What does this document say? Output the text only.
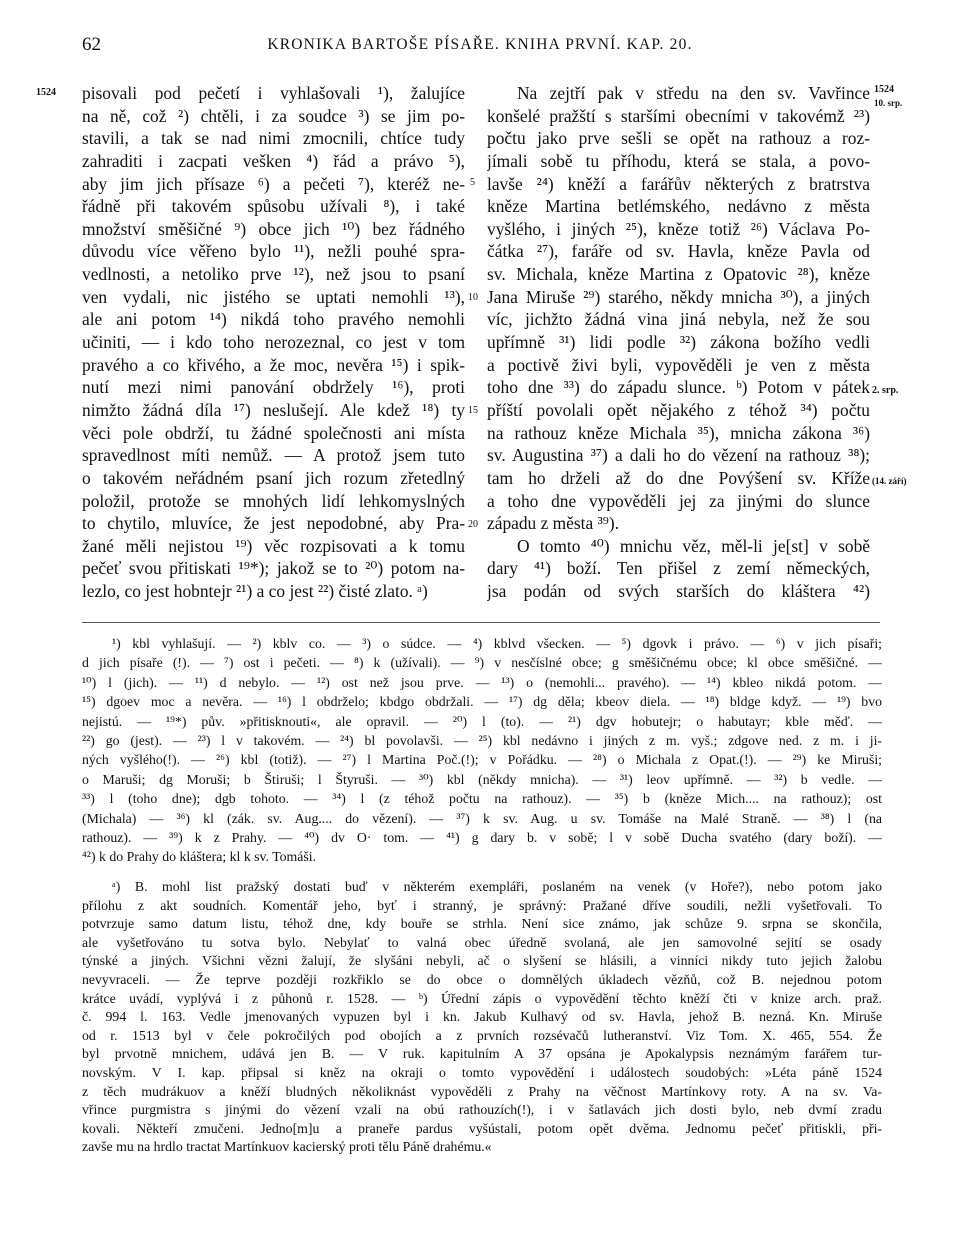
62	KRONIKA BARTOŠE PÍSAŘE. KNIHA PRVNÍ. KAP. 20.
1524	1524
10. srp.
2. srp.
(14. září)
5
10
15
20
pisovali pod pečetí i vyhlašovali ¹), žalujíce
na ně, což ²) chtěli, i za soudce ³) se jim po-
stavili, a tak se nad nimi zmocnili, chtíce tudy
zahraditi i zacpati vešken ⁴) řád a právo ⁵),
aby jim jich přísaze ⁶) a pečeti ⁷), kteréž ne-
řádně při takovém spůsobu užívali ⁸), i také
množství směšičné ⁹) obce jich ¹⁰) bez řádného
důvodu více věřeno bylo ¹¹), nežli pouhé spra-
vedlnosti, a netoliko prve ¹²), než jsou to psaní
ven vydali, nic jistého se uptati nemohli ¹³),
ale ani potom ¹⁴) nikdá toho pravého nemohli
učiniti, — i kdo toho nerozeznal, co jest v tom
pravého a co křivého, a že moc, nevěra ¹⁵) i spik-
nutí mezi nimi panování obdržely ¹⁶), proti
nimžto žádná díla ¹⁷) neslušejí. Ale kdež ¹⁸) ty
věci pole obdrží, tu žádné společnosti ani místa
spravedlnost míti nemůž. — A protož jsem tuto
o takovém neřádném psaní jich rozum zřetedlný
položil, protože se mnohých lidí lehkomyslných
to chytilo, mluvíce, že jest nepodobné, aby Pra-
žané měli nejistou ¹⁹) věc rozpisovati a k tomu
pečeť svou přitiskati ¹⁹*); jakož se to ²⁰) potom na-
lezlo, co jest hobntejr ²¹) a co jest ²²) čisté zlato. ᵃ)
Na zejtří pak v středu na den sv. Vavřince
konšelé pražští s staršími obecními v takovémž ²³)
počtu jako prve sešli se opět na rathouz a roz-
jímali sobě tu příhodu, která se stala, a povo-
lavše ²⁴) kněží a farářův některých z bratrstva
kněze Martina betlémského, nedávno z města
vyšlého, i jiných ²⁵), kněze totiž ²⁶) Václava Po-
čátka ²⁷), faráře od sv. Havla, kněze Pavla od
sv. Michala, kněze Martina z Opatovic ²⁸), kněze
Jana Miruše ²⁹) starého, někdy mnicha ³⁰), a jiných
víc, jichžto žádná vina jiná nebyla, než že sou
upřímně ³¹) lidi podle ³²) zákona božího vedli
a poctivě živi byli, vypověděli je ven z města
toho dne ³³) do západu slunce. ᵇ) Potom v pátek
příští povolali opět nějakého z téhož ³⁴) počtu
na rathouz kněze Michala ³⁵), mnicha zákona ³⁶)
sv. Augustina ³⁷) a dali ho do vězení na rathouz ³⁸);
tam ho drželi až do dne Povýšení sv. Kříže
a toho dne vypověděli jej za jinými do slunce
západu z města ³⁹).
O tomto ⁴⁰) mnichu věz, měl-li je[st] v sobě
dary ⁴¹) boží. Ten přišel z zemí německých,
jsa podán od svých starších do kláštera ⁴²)
¹) kbl vyhlašují. — ²) kblv co. — ³) o súdce. — ⁴) kblvd všecken. — ⁵) dgovk i právo. — ⁶) v jich písaři;
d jich písaře (!). — ⁷) ost i pečeti. — ⁸) k (užívali). — ⁹) v nesčíslné obce; g směšičnému obce; kl obce směšičné. —
¹⁰) l (jich). — ¹¹) d nebylo. — ¹²) ost než jsou prve. — ¹³) o (nemohli... pravého). — ¹⁴) kbleo nikdá potom. —
¹⁵) dgoev moc a nevěra. — ¹⁶) l obdrželo; kbdgo obdržali. — ¹⁷) dg děla; kbeov diela. — ¹⁸) bldge když. — ¹⁹) bvo
nejistú. — ¹⁹*) pův. »přitisknouti«, ale opravil. — ²⁰) l (to). — ²¹) dgv hobutejr; o habutayr; kble měď. —
²²) go (jest). — ²³) l v takovém. — ²⁴) bl povolavši. — ²⁵) kbl nedávno i jiných z m. vyš.; zdgove ned. z m. i ji-
ných vyšlého(!). — ²⁶) kbl (totiž). — ²⁷) l Martina Poč.(!); v Pořádku. — ²⁸) o Michala z Opat.(!). — ²⁹) ke Miruši;
o Maruši; dg Moruši; b Štiruši; l Štyruši. — ³⁰) kbl (někdy mnicha). — ³¹) leov upřímně. — ³²) b vedle. —
³³) l (toho dne); dgb tohoto. — ³⁴) l (z téhož počtu na rathouz). — ³⁵) b (kněze Mich.... na rathouz); ost
(Michala) — ³⁶) kl (zák. sv. Aug.... do vězení). — ³⁷) k sv. Aug. u sv. Tomáše na Malé Straně. — ³⁸) l (na
rathouz). — ³⁹) k z Prahy. — ⁴⁰) dv O· tom. — ⁴¹) g dary b. v sobě; l v sobě Ducha svatého (dary boží). —
⁴²) k do Prahy do kláštera; kl k sv. Tomáši.
ᵃ) B. mohl list pražský dostati buď v některém exempláři, poslaném na venek (v Hoře?), nebo potom jako
přílohu z akt soudních. Komentář jeho, byť i stranný, je správný: Pražané dříve soudili, nežli vyšetřovali. To
potvrzuje samo datum listu, téhož dne, kdy bouře se strhla. Není sice známo, jak schůze 9. srpna se skončila,
ale vyšetřováno tu sotva bylo. Nebylať to valná obec úředně svolaná, ale jen samovolné sejití se osady
týnské a jiných. Všichni vězni žalují, že slyšáni nebyli, ač o slyšení se hlásili, a vinníci nikdy tuto jejich žalobu
nevyvraceli. — Že teprve později rozkřiklo se do obce o domnělých úkladech vězňů, což B. nejednou potom
krátce uvádí, vyplývá i z půhonů r. 1528. — ᵇ) Úřední zápis o vypovědění těchto kněží čti v knize arch. praž.
č. 994 l. 163. Vedle jmenovaných vypuzen byl i kn. Jakub Kulhavý od sv. Havla, jehož B. nezná. Kn. Miruše
od r. 1513 byl v čele pokročilých pod obojích a z prvních rozsévačů lutheranství. Viz Tom. X. 465, 554. Že
byl prvotně mnichem, udává jen B. — V ruk. kapitulním A 37 opsána je Apokalypsis neznámým farářem tur-
novským. V I. kap. připsal si kněz na okraji o tomto vypovědění i událostech soudobých: »Léta páně 1524
z těch mudrákuov a kněží bludných několiknást vypověděli z Prahy na věčnost Martínkovy roty. A na sv. Va-
vřince purgmistra s jinými do vězení vzali na obú rathouzích(!), i v šatlavách jich dosti bylo, neb dvmí zradu
kovali. Někteří zmučeni. Jedno[m]u a praneře pardus vyšústali, potom opět dvěma. Jednomu pečeť přitiskli, při-
zavše mu na hrdlo tractat Martínkuov kacierský proti tělu Páně drahému.«
